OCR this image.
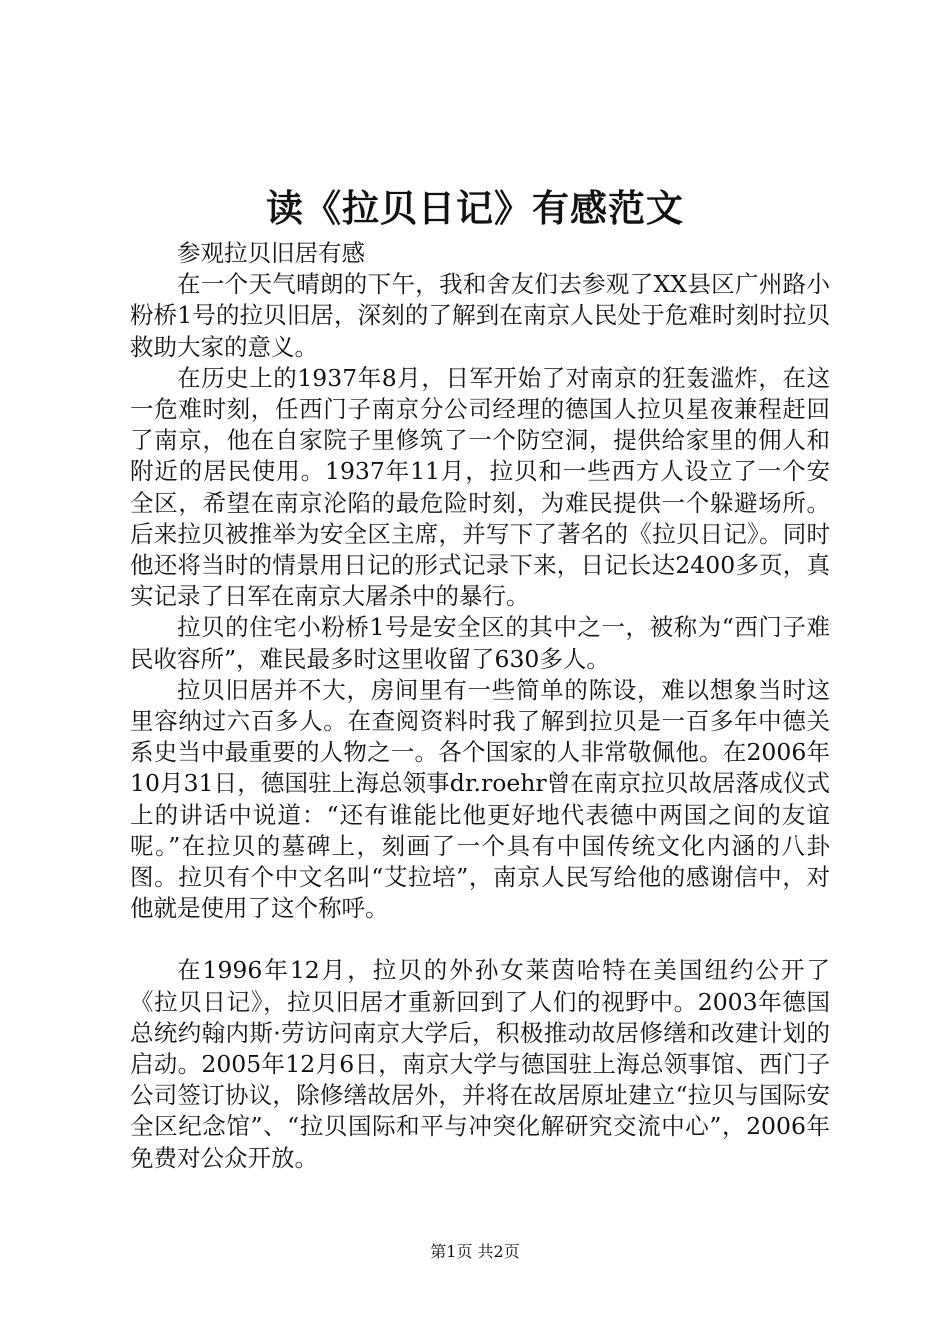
读《拉贝日记》有感范文

参观拉贝旧居有感

在一个天气晴朗的下午，我和舍友们去参观了XX县区广州路小粉桥1号的拉贝旧居，深刻的了解到在南京人民处于危难时刻时拉贝救助大家的意义。

在历史上的1937年8月，日军开始了对南京的狂轰滥炸，在这一危难时刻，任西门子南京分公司经理的德国人拉贝星夜兼程赶回了南京，他在自家院子里修筑了一个防空洞，提供给家里的佣人和附近的居民使用。1937年11月，拉贝和一些西方人设立了一个安全区，希望在南京沦陷的最危险时刻，为难民提供一个躲避场所。后来拉贝被推举为安全区主席，并写下了著名的《拉贝日记》。同时他还将当时的情景用日记的形式记录下来，日记长达2400多页，真实记录了日军在南京大屠杀中的暴行。

拉贝的住宅小粉桥1号是安全区的其中之一，被称为“西门子难民收容所”，难民最多时这里收留了630多人。

拉贝旧居并不大，房间里有一些简单的陈设，难以想象当时这里容纳过六百多人。在查阅资料时我了解到拉贝是一百多年中德关系史当中最重要的人物之一。各个国家的人非常敬佩他。在2006年10月31日，德国驻上海总领事dr.roehr曾在南京拉贝故居落成仪式上的讲话中说道：“还有谁能比他更好地代表德中两国之间的友谊呢。”在拉贝的墓碑上，刻画了一个具有中国传统文化内涵的八卦图。拉贝有个中文名叫“艾拉培”，南京人民写给他的感谢信中，对他就是使用了这个称呼。

在1996年12月，拉贝的外孙女莱茵哈特在美国纽约公开了《拉贝日记》，拉贝旧居才重新回到了人们的视野中。2003年德国总统约翰内斯·劳访问南京大学后，积极推动故居修缮和改建计划的启动。2005年12月6日，南京大学与德国驻上海总领事馆、西门子公司签订协议，除修缮故居外，并将在故居原址建立“拉贝与国际安全区纪念馆”、“拉贝国际和平与冲突化解研究交流中心”，2006年免费对公众开放。

第1页 共2页
